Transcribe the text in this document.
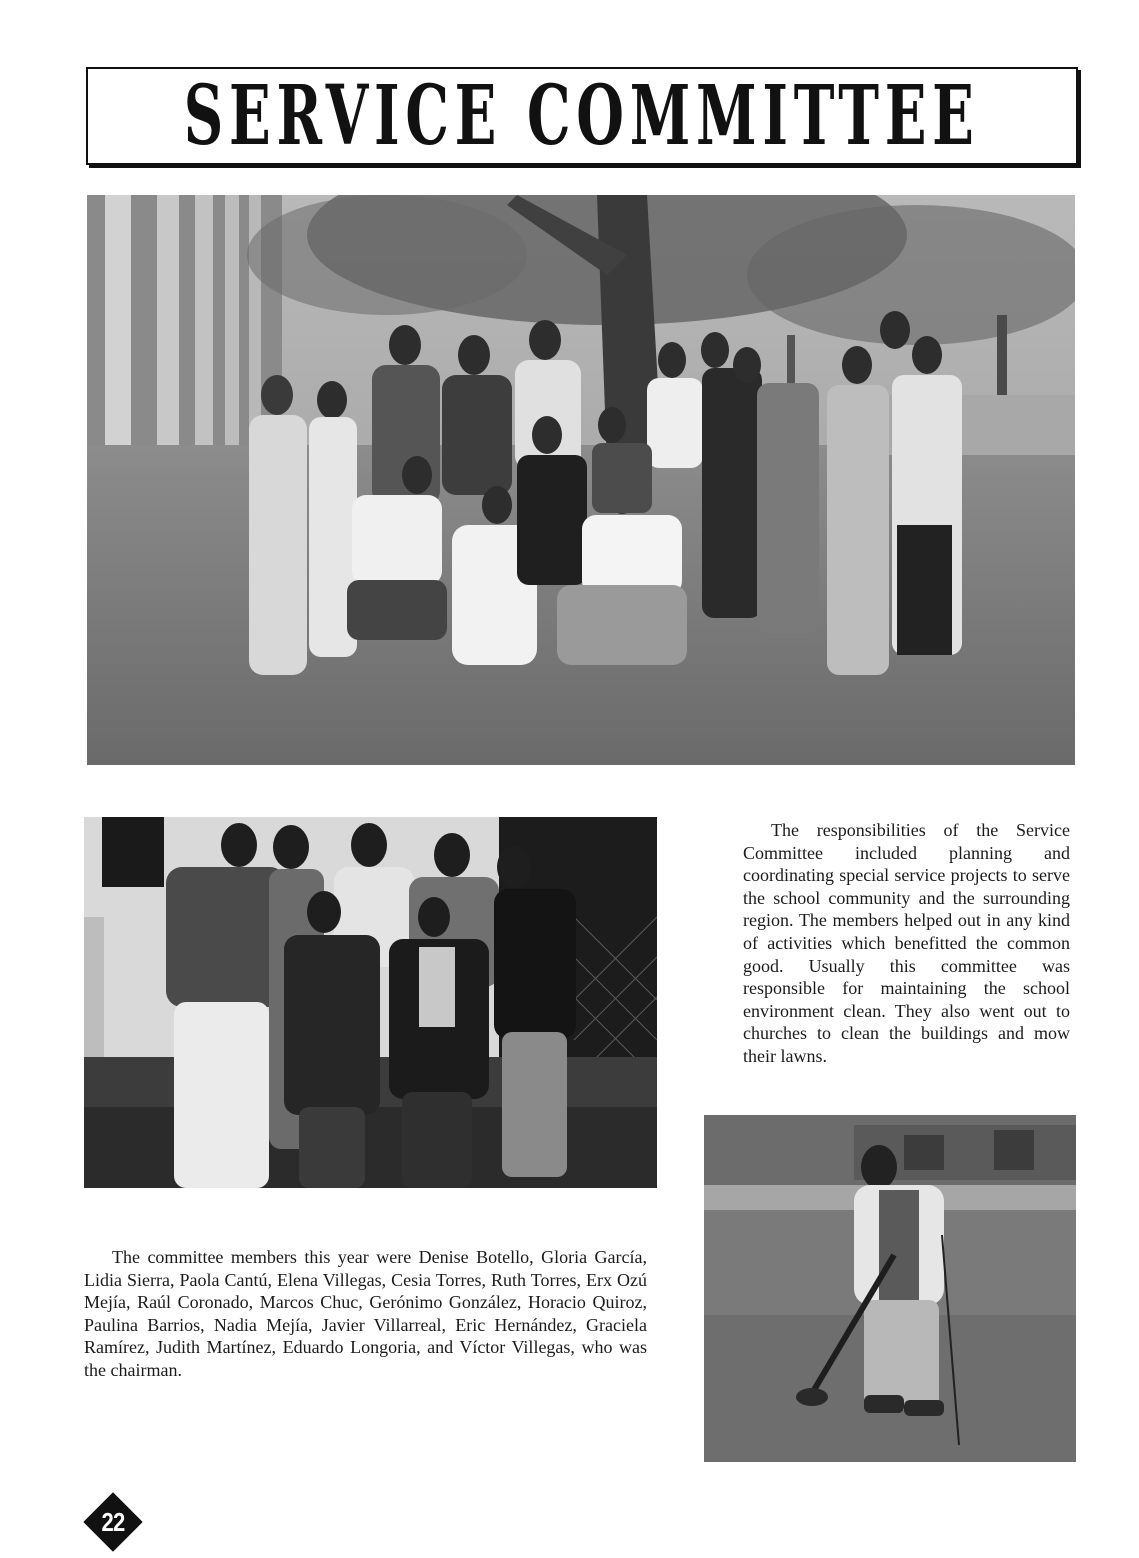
SERVICE COMMITTEE

The responsibilities of the Service Committee included planning and coordinating special service projects to serve the school community and the surrounding region. The members helped out in any kind of activities which benefitted the common good. Usually this committee was responsible for maintaining the school environment clean. They also went out to churches to clean the buildings and mow their lawns.

The committee members this year were Denise Botello, Gloria García, Lidia Sierra, Paola Cantú, Elena Villegas, Cesia Torres, Ruth Torres, Erx Ozú Mejía, Raúl Coronado, Marcos Chuc, Gerónimo González, Horacio Quiroz, Paulina Barrios, Nadia Mejía, Javier Villarreal, Eric Hernández, Graciela Ramírez, Judith Martínez, Eduardo Longoria, and Víctor Villegas, who was the chairman.

22
